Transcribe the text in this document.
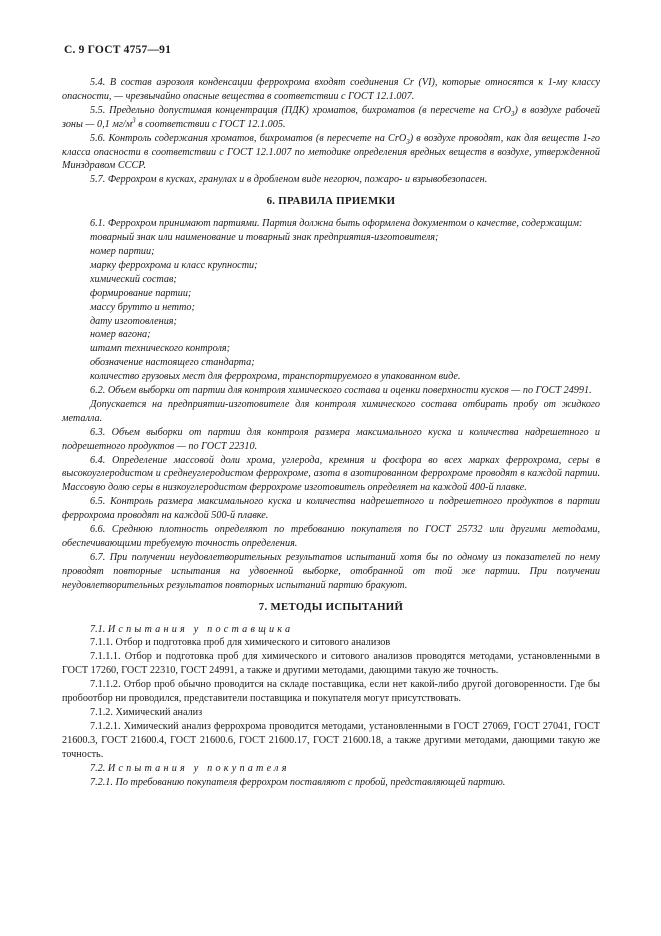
С. 9 ГОСТ 4757—91

5.4. В состав аэрозоля конденсации феррохрома входят соединения Cr (VI), которые относятся к 1-му классу опасности, — чрезвычайно опасные вещества в соответствии с ГОСТ 12.1.007.

5.5. Предельно допустимая концентрация (ПДК) хроматов, бихроматов (в пересчете на CrO$_3$) в воздухе рабочей зоны — 0,1 $мг/м^3$ в соответствии с ГОСТ 12.1.005.

5.6. Контроль содержания хроматов, бихроматов (в пересчете на CrO$_3$) в воздухе проводят, как для веществ 1-го класса опасности в соответствии с ГОСТ 12.1.007 по методике определения вредных веществ в воздухе, утвержденной Минздравом СССР.

5.7. Феррохром в кусках, гранулах и в дробленом виде негорюч, пожаро- и взрывобезопасен.

6. ПРАВИЛА ПРИЕМКИ

6.1. Феррохром принимают партиями. Партия должна быть оформлена документом о качестве, содержащим:

товарный знак или наименование и товарный знак предприятия-изготовителя;

номер партии;

марку феррохрома и класс крупности;

химический состав;

формирование партии;

массу брутто и нетто;

дату изготовления;

номер вагона;

штамп технического контроля;

обозначение настоящего стандарта;

количество грузовых мест для феррохрома, транспортируемого в упакованном виде.

6.2. Объем выборки от партии для контроля химического состава и оценки поверхности кусков — по ГОСТ 24991.

Допускается на предприятии-изготовителе для контроля химического состава отбирать пробу от жидкого металла.

6.3. Объем выборки от партии для контроля размера максимального куска и количества надрешетного и подрешетного продуктов — по ГОСТ 22310.

6.4. Определение массовой доли хрома, углерода, кремния и фосфора во всех марках феррохрома, серы в высокоуглеродистом и среднеуглеродистом феррохроме, азота в азотированном феррохроме проводят в каждой партии. Массовую долю серы в низкоуглеродистом феррохроме изготовитель определяет на каждой 400-й плавке.

6.5. Контроль размера максимального куска и количества надрешетного и подрешетного продуктов в партии феррохрома проводят на каждой 500-й плавке.

6.6. Среднюю плотность определяют по требованию покупателя по ГОСТ 25732 или другими методами, обеспечивающими требуемую точность определения.

6.7. При получении неудовлетворительных результатов испытаний хотя бы по одному из показателей по нему проводят повторные испытания на удвоенной выборке, отобранной от той же партии. При получении неудовлетворительных результатов повторных испытаний партию бракуют.

7. МЕТОДЫ ИСПЫТАНИЙ

7.1. Испытания у поставщика

7.1.1. Отбор и подготовка проб для химического и ситового анализов

7.1.1.1. Отбор и подготовка проб для химического и ситового анализов проводятся методами, установленными в ГОСТ 17260, ГОСТ 22310, ГОСТ 24991, а также и другими методами, дающими такую же точность.

7.1.1.2. Отбор проб обычно проводится на складе поставщика, если нет какой-либо другой договоренности. Где бы пробоотбор ни проводился, представители поставщика и покупателя могут присутствовать.

7.1.2. Химический анализ

7.1.2.1. Химический анализ феррохрома проводится методами, установленными в ГОСТ 27069, ГОСТ 27041, ГОСТ 21600.3, ГОСТ 21600.4, ГОСТ 21600.6, ГОСТ 21600.17, ГОСТ 21600.18, а также другими методами, дающими такую же точность.

7.2. Испытания у покупателя

7.2.1. По требованию покупателя феррохром поставляют с пробой, представляющей партию.
